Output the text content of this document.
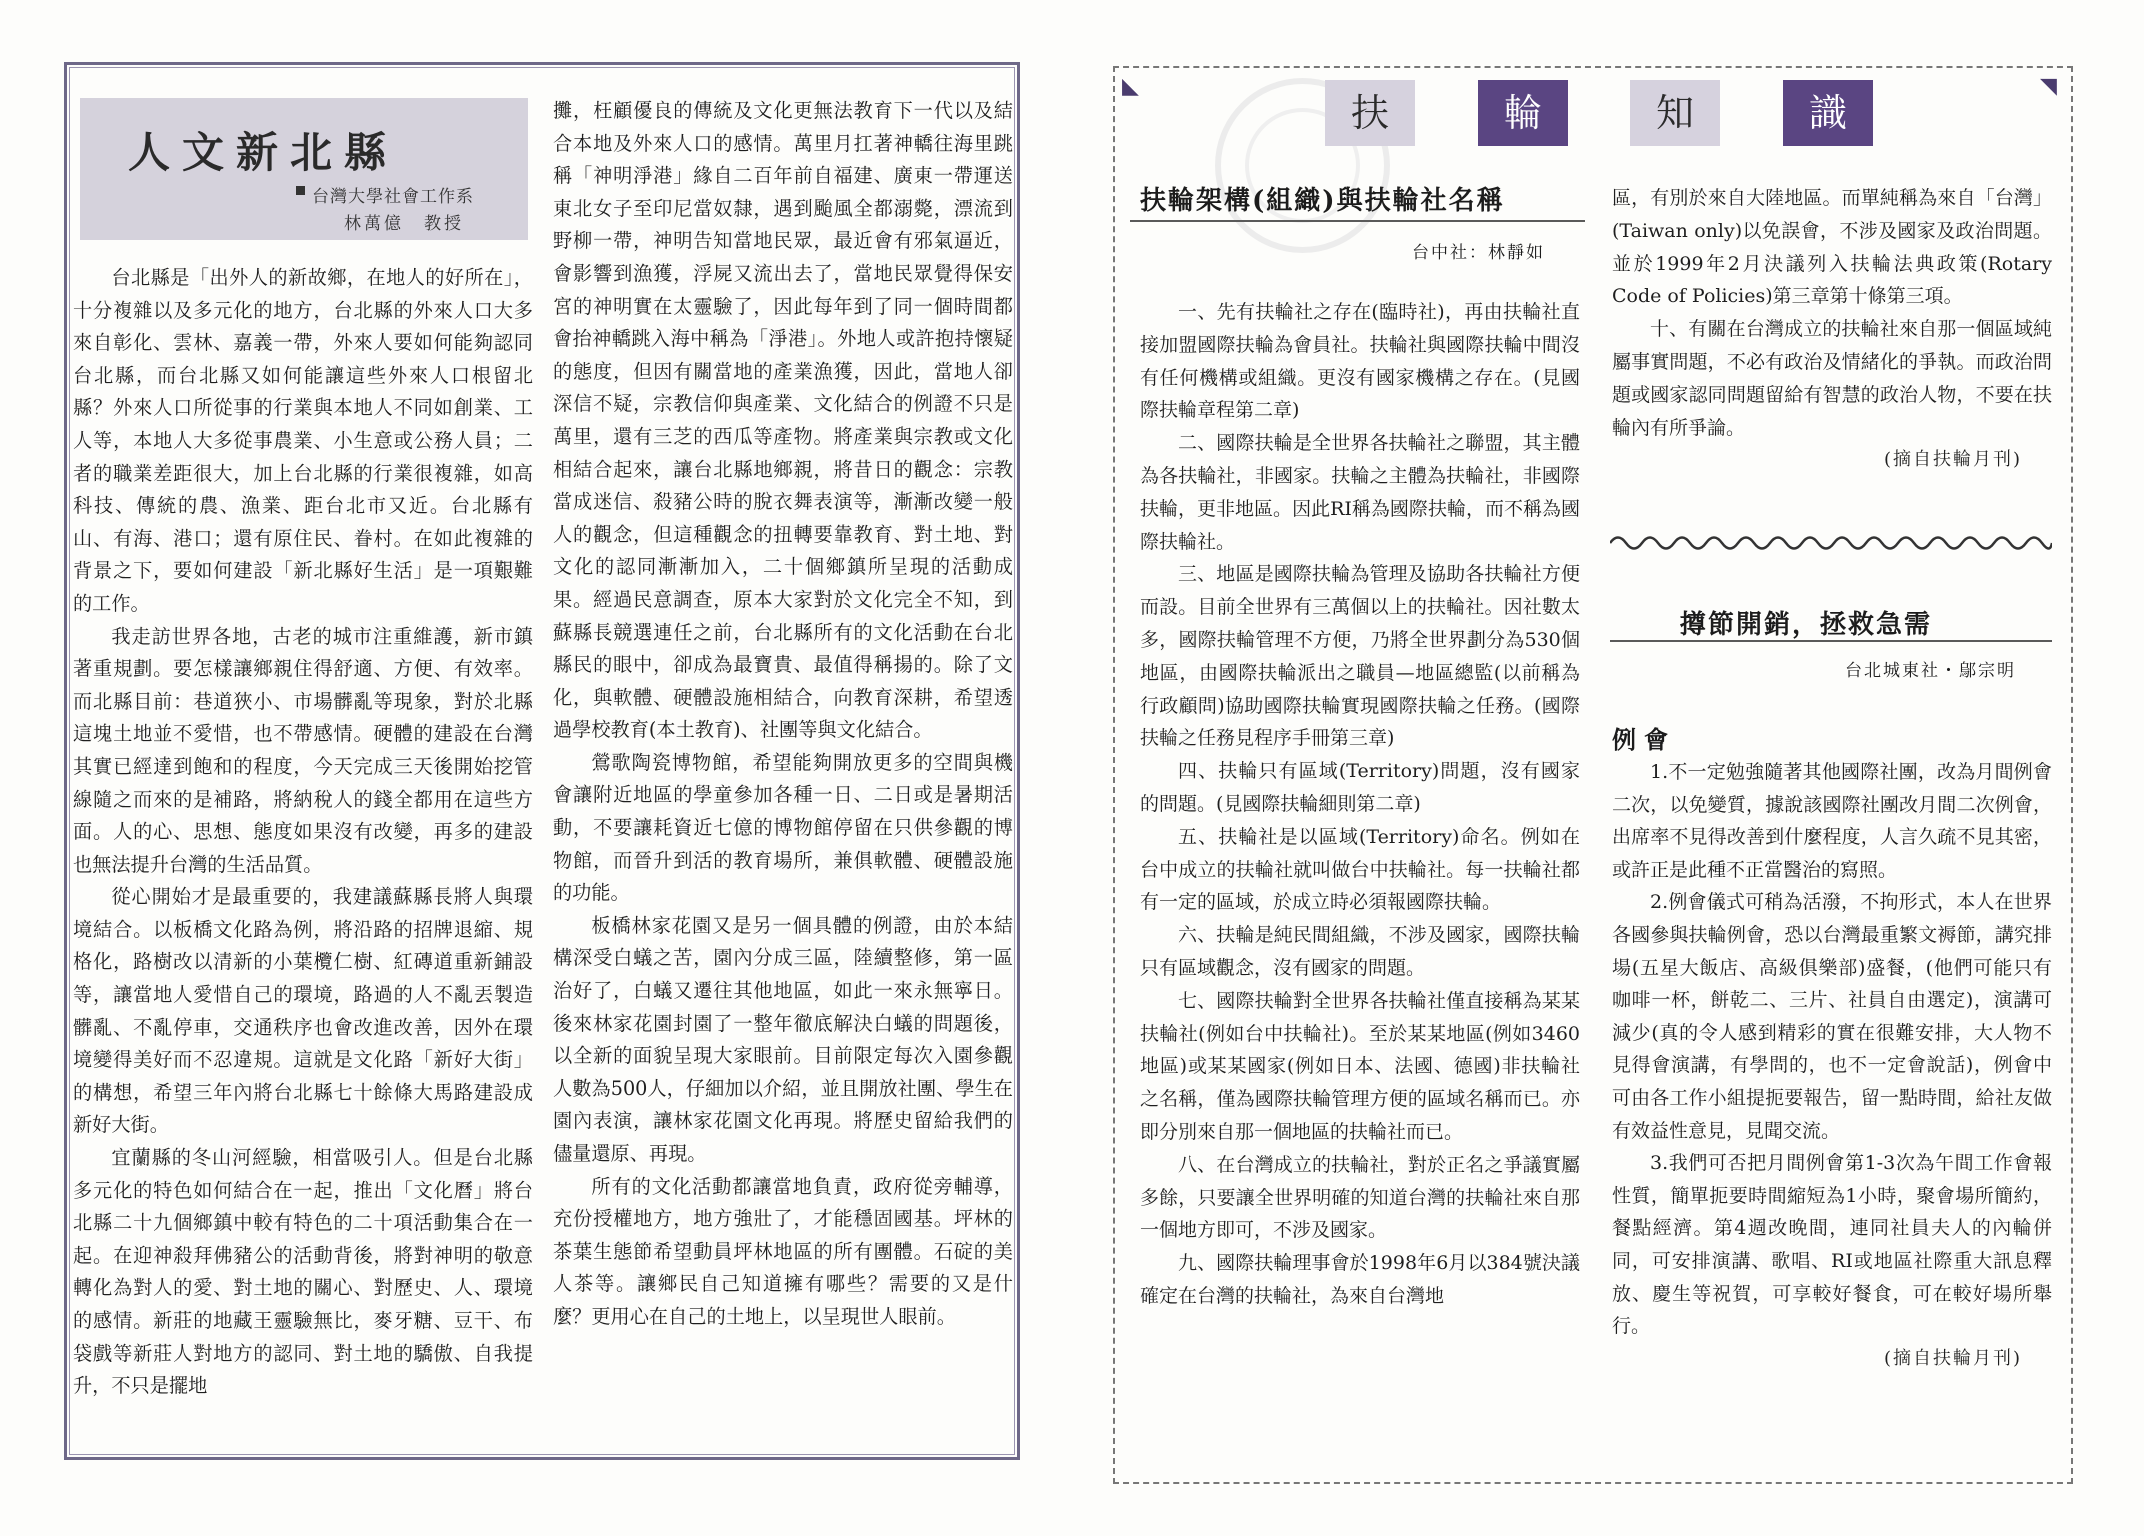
人文新北縣
台灣大學社會工作系
林萬億　教授

台北縣是「出外人的新故鄉，在地人的好所在」，十分複雜以及多元化的地方，台北縣的外來人口大多來自彰化、雲林、嘉義一帶，外來人要如何能夠認同台北縣，而台北縣又如何能讓這些外來人口根留北縣？外來人口所從事的行業與本地人不同如創業、工人等，本地人大多從事農業、小生意或公務人員；二者的職業差距很大，加上台北縣的行業很複雜，如高科技、傳統的農、漁業、距台北市又近。台北縣有山、有海、港口；還有原住民、眷村。在如此複雜的背景之下，要如何建設「新北縣好生活」是一項艱難的工作。

我走訪世界各地，古老的城市注重維護，新市鎮著重規劃。要怎樣讓鄉親住得舒適、方便、有效率。而北縣目前：巷道狹小、市場髒亂等現象，對於北縣這塊土地並不愛惜，也不帶感情。硬體的建設在台灣其實已經達到飽和的程度，今天完成三天後開始挖管線隨之而來的是補路，將納稅人的錢全都用在這些方面。人的心、思想、態度如果沒有改變，再多的建設也無法提升台灣的生活品質。

從心開始才是最重要的，我建議蘇縣長將人與環境結合。以板橋文化路為例，將沿路的招牌退縮、規格化，路樹改以清新的小葉欖仁樹、紅磚道重新鋪設等，讓當地人愛惜自己的環境，路過的人不亂丟製造髒亂、不亂停車，交通秩序也會改進改善，因外在環境變得美好而不忍違規。這就是文化路「新好大街」的構想，希望三年內將台北縣七十餘條大馬路建設成新好大街。

宜蘭縣的冬山河經驗，相當吸引人。但是台北縣多元化的特色如何結合在一起，推出「文化曆」將台北縣二十九個鄉鎮中較有特色的二十項活動集合在一起。在迎神殺拜佛豬公的活動背後，將對神明的敬意轉化為對人的愛、對土地的關心、對歷史、人、環境的感情。新莊的地藏王靈驗無比，麥牙糖、豆干、布袋戲等新莊人對地方的認同、對土地的驕傲、自我提升，不只是擺地

攤，枉顧優良的傳統及文化更無法教育下一代以及結合本地及外來人口的感情。萬里月扛著神轎往海里跳稱「神明淨港」緣自二百年前自福建、廣東一帶運送東北女子至印尼當奴隸，遇到颱風全都溺斃，漂流到野柳一帶，神明告知當地民眾，最近會有邪氣逼近，會影響到漁獲，浮屍又流出去了，當地民眾覺得保安宮的神明實在太靈驗了，因此每年到了同一個時間都會抬神轎跳入海中稱為「淨港」。外地人或許抱持懷疑的態度，但因有關當地的產業漁獲，因此，當地人卻深信不疑，宗教信仰與產業、文化結合的例證不只是萬里，還有三芝的西瓜等產物。將產業與宗教或文化相結合起來，讓台北縣地鄉親，將昔日的觀念：宗教當成迷信、殺豬公時的脫衣舞表演等，漸漸改變一般人的觀念，但這種觀念的扭轉要靠教育、對土地、對文化的認同漸漸加入，二十個鄉鎮所呈現的活動成果。經過民意調查，原本大家對於文化完全不知，到蘇縣長競選連任之前，台北縣所有的文化活動在台北縣民的眼中，卻成為最寶貴、最值得稱揚的。除了文化，與軟體、硬體設施相結合，向教育深耕，希望透過學校教育(本土教育)、社團等與文化結合。

鶯歌陶瓷博物館，希望能夠開放更多的空間與機會讓附近地區的學童參加各種一日、二日或是暑期活動，不要讓耗資近七億的博物館停留在只供參觀的博物館，而晉升到活的教育場所，兼俱軟體、硬體設施的功能。

板橋林家花園又是另一個具體的例證，由於本結構深受白蟻之苦，園內分成三區，陸續整修，第一區治好了，白蟻又遷往其他地區，如此一來永無寧日。後來林家花園封園了一整年徹底解決白蟻的問題後，以全新的面貌呈現大家眼前。目前限定每次入園參觀人數為500人，仔細加以介紹，並且開放社團、學生在園內表演，讓林家花園文化再現。將歷史留給我們的儘量還原、再現。

所有的文化活動都讓當地負責，政府從旁輔導，充份授權地方，地方強壯了，才能穩固國基。坪林的茶葉生態節希望動員坪林地區的所有團體。石碇的美人茶等。讓鄉民自己知道擁有哪些？需要的又是什麼？更用心在自己的土地上，以呈現世人眼前。

◣	◥
扶	輪	知	識
扶輪架構(組織)與扶輪社名稱
台中社：林靜如

一、先有扶輪社之存在(臨時社)，再由扶輪社直接加盟國際扶輪為會員社。扶輪社與國際扶輪中間沒有任何機構或組織。更沒有國家機構之存在。(見國際扶輪章程第二章)

二、國際扶輪是全世界各扶輪社之聯盟，其主體為各扶輪社，非國家。扶輪之主體為扶輪社，非國際扶輪，更非地區。因此RI稱為國際扶輪，而不稱為國際扶輪社。

三、地區是國際扶輪為管理及協助各扶輪社方便而設。目前全世界有三萬個以上的扶輪社。因社數太多，國際扶輪管理不方便，乃將全世界劃分為530個地區，由國際扶輪派出之職員—地區總監(以前稱為行政顧問)協助國際扶輪實現國際扶輪之任務。(國際扶輪之任務見程序手冊第三章)

四、扶輪只有區域(Territory)問題，沒有國家的問題。(見國際扶輪細則第二章)

五、扶輪社是以區域(Territory)命名。例如在台中成立的扶輪社就叫做台中扶輪社。每一扶輪社都有一定的區域，於成立時必須報國際扶輪。

六、扶輪是純民間組織，不涉及國家，國際扶輪只有區域觀念，沒有國家的問題。

七、國際扶輪對全世界各扶輪社僅直接稱為某某扶輪社(例如台中扶輪社)。至於某某地區(例如3460地區)或某某國家(例如日本、法國、德國)非扶輪社之名稱，僅為國際扶輪管理方便的區域名稱而已。亦即分別來自那一個地區的扶輪社而已。

八、在台灣成立的扶輪社，對於正名之爭議實屬多餘，只要讓全世界明確的知道台灣的扶輪社來自那一個地方即可，不涉及國家。

九、國際扶輪理事會於1998年6月以384號決議確定在台灣的扶輪社，為來自台灣地

區，有別於來自大陸地區。而單純稱為來自「台灣」(Taiwan only)以免誤會，不涉及國家及政治問題。並於1999年2月決議列入扶輪法典政策(Rotary Code of Policies)第三章第十條第三項。

十、有關在台灣成立的扶輪社來自那一個區域純屬事實問題，不必有政治及情緒化的爭執。而政治問題或國家認同問題留給有智慧的政治人物，不要在扶輪內有所爭論。

(摘自扶輪月刊)
撙節開銷，拯救急需
台北城東社・鄔宗明
例會

1.不一定勉強隨著其他國際社團，改為月間例會二次，以免變質，據說該國際社團改月間二次例會，出席率不見得改善到什麼程度，人言久疏不見其密，或許正是此種不正當醫治的寫照。

2.例會儀式可稍為活潑，不拘形式，本人在世界各國參與扶輪例會，恐以台灣最重繁文褥節，講究排場(五星大飯店、高級俱樂部)盛餐，(他們可能只有咖啡一杯，餅乾二、三片、社員自由選定)，演講可減少(真的令人感到精彩的實在很難安排，大人物不見得會演講，有學問的，也不一定會說話)，例會中可由各工作小組提扼要報告，留一點時間，給社友做有效益性意見，見聞交流。

3.我們可否把月間例會第1-3次為午間工作會報性質，簡單扼要時間縮短為1小時，聚會場所簡約，餐點經濟。第4週改晚間，連同社員夫人的內輪併同，可安排演講、歌唱、RI或地區社際重大訊息釋放、慶生等祝賀，可享較好餐食，可在較好場所舉行。

(摘自扶輪月刊)
